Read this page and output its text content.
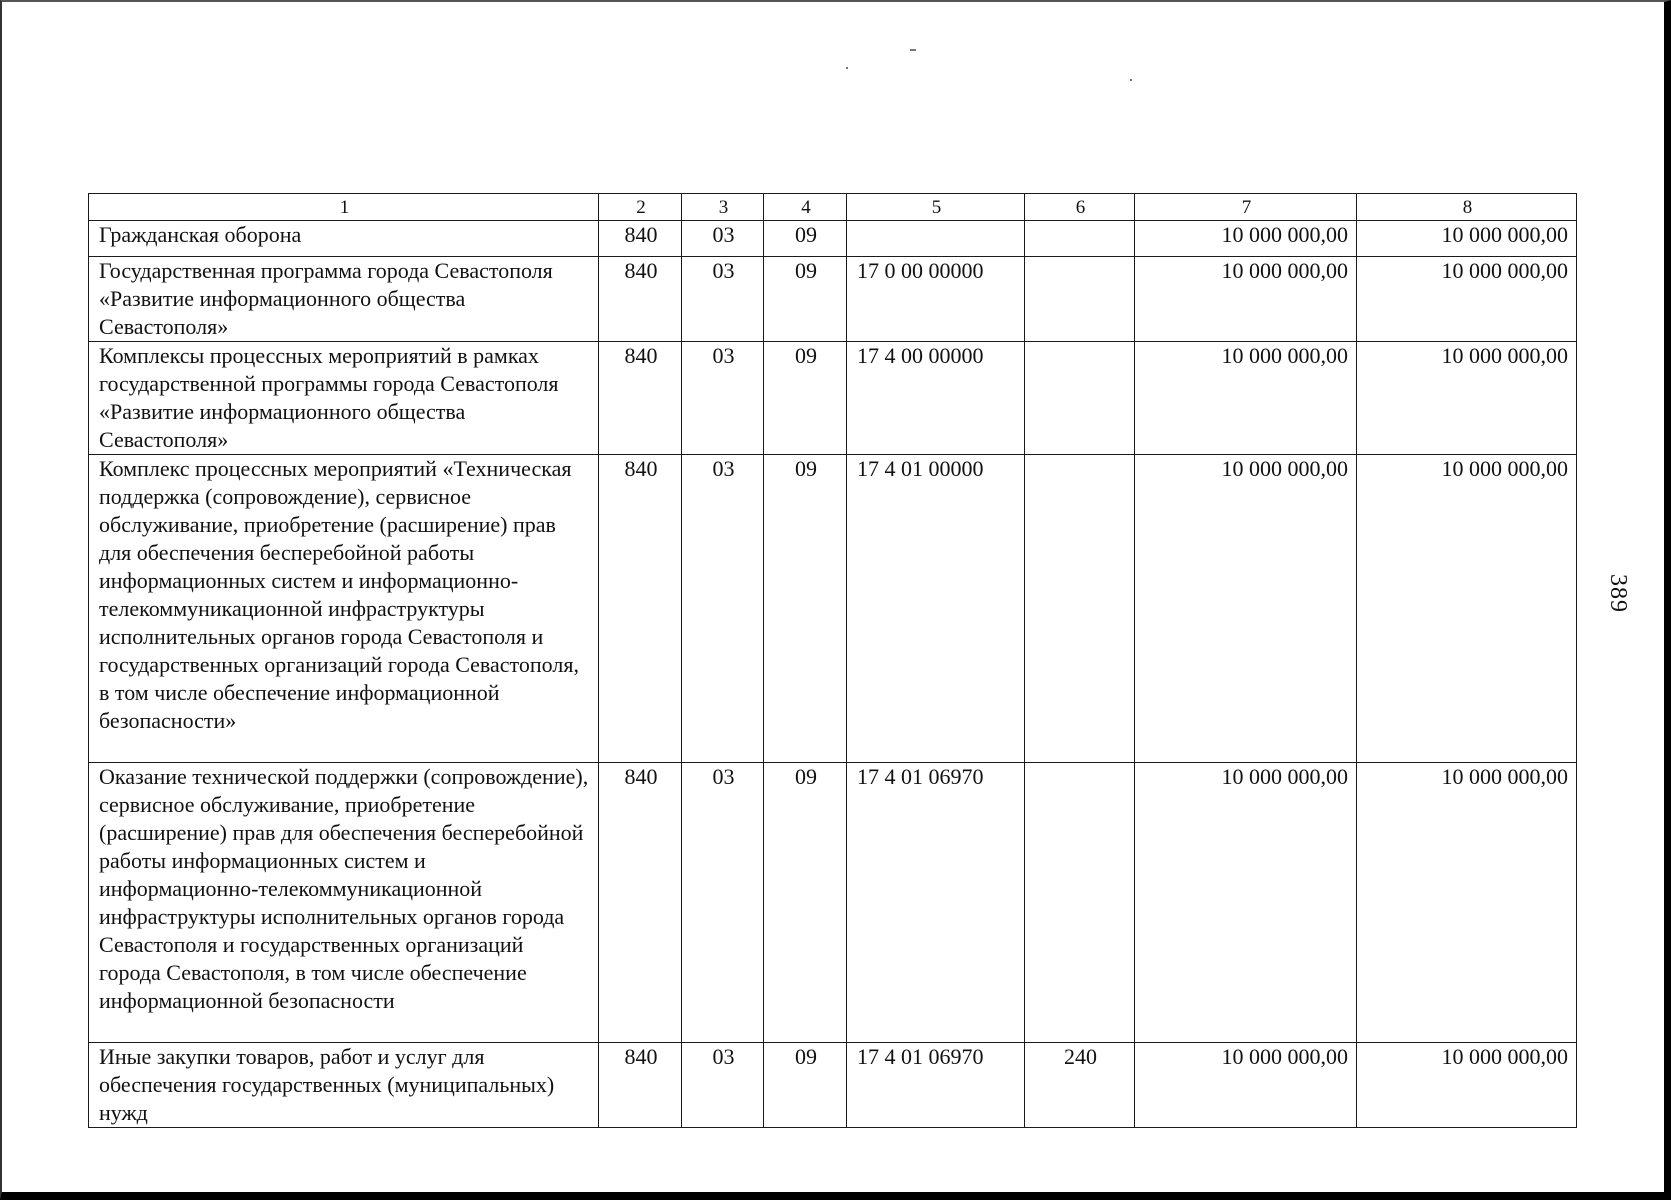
1	2	3	4	5	6	7	8
Гражданская оборона	840	03	09			10 000 000,00	10 000 000,00
Государственная программа города Севастополя «Развитие информационного общества Севастополя»	840	03	09	17 0 00 00000		10 000 000,00	10 000 000,00
Комплексы процессных мероприятий в рамках государственной программы города Севастополя «Развитие информационного общества Севастополя»	840	03	09	17 4 00 00000		10 000 000,00	10 000 000,00
Комплекс процессных мероприятий «Техническая поддержка (сопровождение), сервисное обслуживание, приобретение (расширение) прав для обеспечения бесперебойной работы информационных систем и информационно-телекоммуникационной инфраструктуры исполнительных органов города Севастополя и государственных организаций города Севастополя, в том числе обеспечение информационной безопасности»	840	03	09	17 4 01 00000		10 000 000,00	10 000 000,00
Оказание технической поддержки (сопровождение), сервисное обслуживание, приобретение (расширение) прав для обеспечения бесперебойной работы информационных систем и информационно-телекоммуникационной инфраструктуры исполнительных органов города Севастополя и государственных организаций города Севастополя, в том числе обеспечение информационной безопасности	840	03	09	17 4 01 06970		10 000 000,00	10 000 000,00
Иные закупки товаров, работ и услуг для обеспечения государственных (муниципальных) нужд	840	03	09	17 4 01 06970	240	10 000 000,00	10 000 000,00
389
